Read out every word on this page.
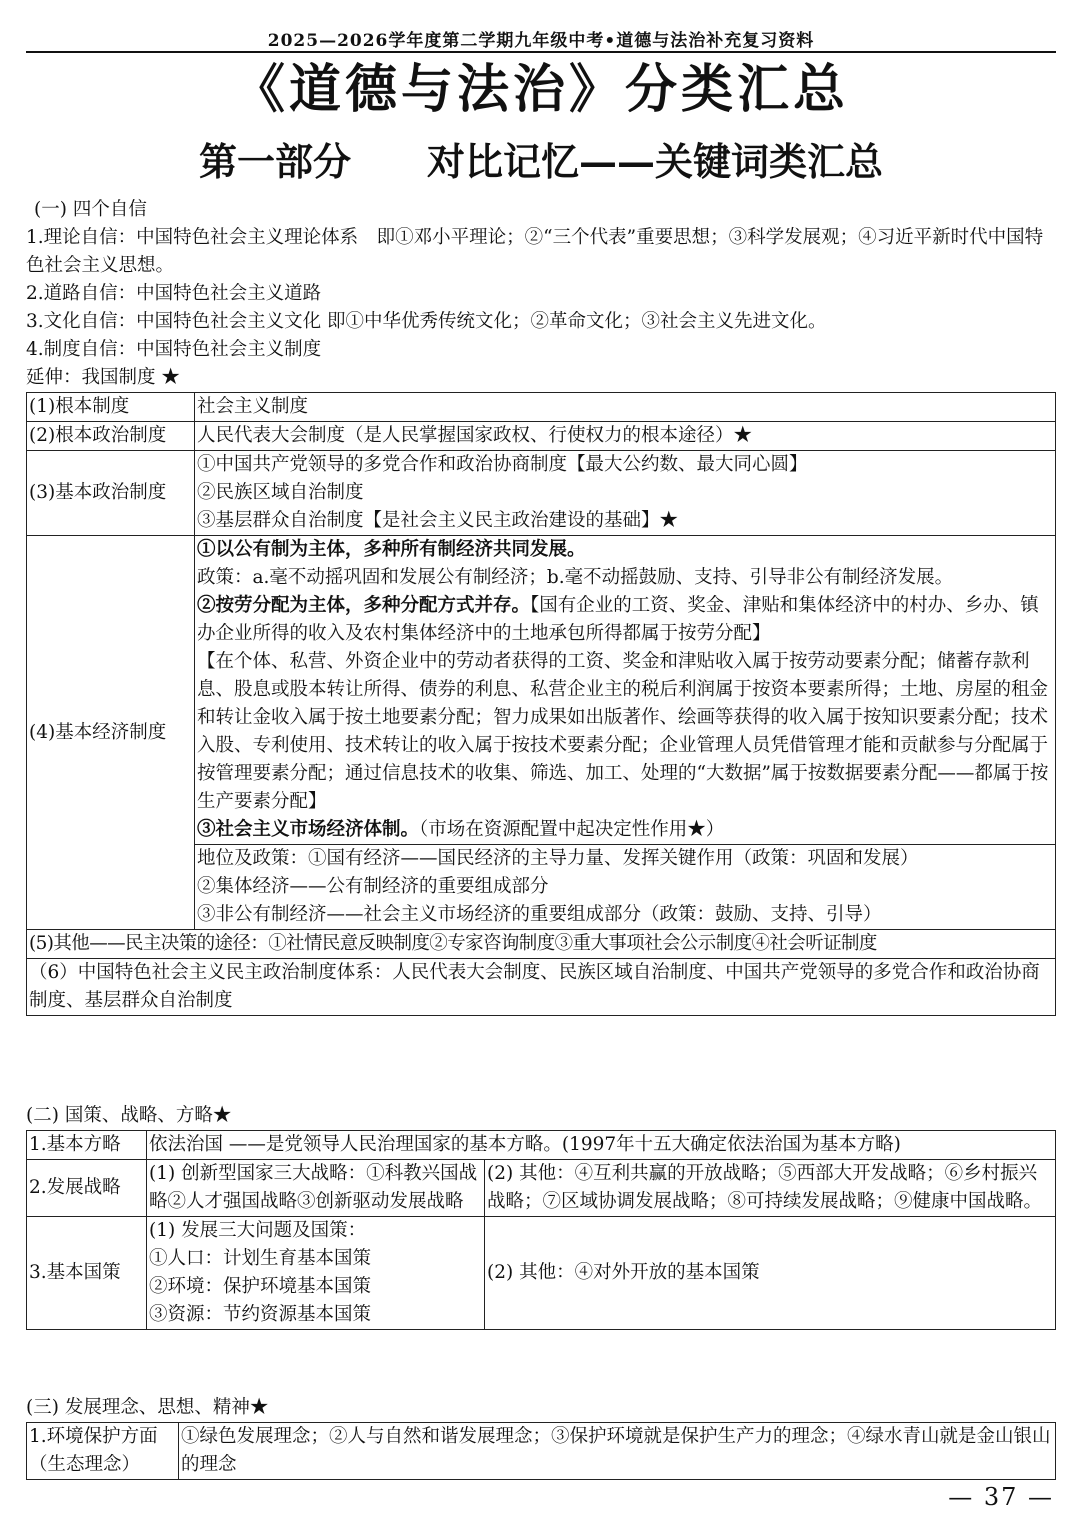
2025—2026学年度第二学期九年级中考•道德与法治补充复习资料
《道德与法治》分类汇总
第一部分　　对比记忆——关键词类汇总

(一) 四个自信

1.理论自信：中国特色社会主义理论体系　即①邓小平理论；②“三个代表”重要思想；③科学发展观；④习近平新时代中国特色社会主义思想。

2.道路自信：中国特色社会主义道路

3.文化自信：中国特色社会主义文化 即①中华优秀传统文化；②革命文化；③社会主义先进文化。

4.制度自信：中国特色社会主义制度

延伸：我国制度 ★

(1)根本制度	社会主义制度
(2)根本政治制度	人民代表大会制度（是人民掌握国家政权、行使权力的根本途径）★
(3)基本政治制度	①中国共产党领导的多党合作和政治协商制度【最大公约数、最大同心圆】

②民族区域自治制度

③基层群众自治制度【是社会主义民主政治建设的基础】★

(4)基本经济制度	①以公有制为主体，多种所有制经济共同发展。

政策：a.毫不动摇巩固和发展公有制经济；b.毫不动摇鼓励、支持、引导非公有制经济发展。

②按劳分配为主体，多种分配方式并存。【国有企业的工资、奖金、津贴和集体经济中的村办、乡办、镇办企业所得的收入及农村集体经济中的土地承包所得都属于按劳分配】

【在个体、私营、外资企业中的劳动者获得的工资、奖金和津贴收入属于按劳动要素分配；储蓄存款利息、股息或股本转让所得、债券的利息、私营企业主的税后利润属于按资本要素所得；土地、房屋的租金和转让金收入属于按土地要素分配；智力成果如出版著作、绘画等获得的收入属于按知识要素分配；技术入股、专利使用、技术转让的收入属于按技术要素分配；企业管理人员凭借管理才能和贡献参与分配属于按管理要素分配；通过信息技术的收集、筛选、加工、处理的“大数据”属于按数据要素分配——都属于按生产要素分配】

③社会主义市场经济体制。（市场在资源配置中起决定性作用★）

	地位及政策：①国有经济——国民经济的主导力量、发挥关键作用（政策：巩固和发展）

②集体经济——公有制经济的重要组成部分

③非公有制经济——社会主义市场经济的重要组成部分（政策：鼓励、支持、引导）

(5)其他——民主决策的途径：①社情民意反映制度②专家咨询制度③重大事项社会公示制度④社会听证制度	
（6）中国特色社会主义民主政治制度体系：人民代表大会制度、民族区域自治制度、中国共产党领导的多党合作和政治协商制度、基层群众自治制度	

(二) 国策、战略、方略★

1.基本方略	依法治国 ——是党领导人民治理国家的基本方略。(1997年十五大确定依法治国为基本方略)	
2.发展战略	(1) 创新型国家三大战略：①科教兴国战略②人才强国战略③创新驱动发展战略	(2) 其他：④互利共赢的开放战略；⑤西部大开发战略；⑥乡村振兴战略；⑦区域协调发展战略；⑧可持续发展战略；⑨健康中国战略。
3.基本国策	(1) 发展三大问题及国策：

①人口：计划生育基本国策

②环境：保护环境基本国策

③资源：节约资源基本国策	(2) 其他：④对外开放的基本国策

(三) 发展理念、思想、精神★

1.环境保护方面（生态理念）	①绿色发展理念；②人与自然和谐发展理念；③保护环境就是保护生产力的理念；④绿水青山就是金山银山的理念
— 37 —
